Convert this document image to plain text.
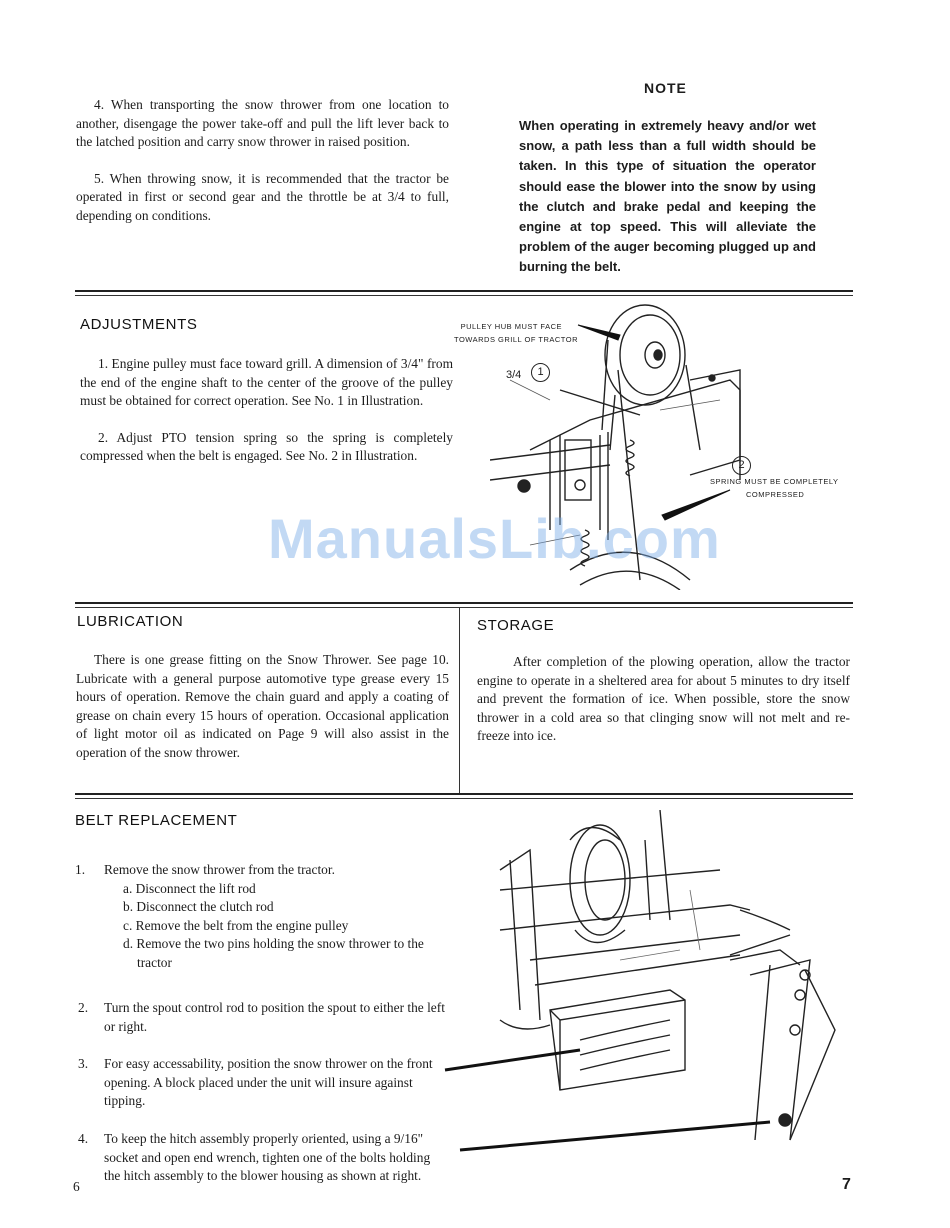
4. When transporting the snow thrower from one location to another, disengage the power take-off and pull the lift lever back to the latched position and carry snow thrower in raised position.

5. When throwing snow, it is recommended that the tractor be operated in first or second gear and the throttle be at 3/4 to full, depending on conditions.

NOTE
When operating in extremely heavy and/or wet snow, a path less than a full width should be taken. In this type of situation the operator should ease the blower into the snow by using the clutch and brake pedal and keeping the engine at top speed. This will alleviate the problem of the auger becoming plugged up and burning the belt.
ADJUSTMENTS

1. Engine pulley must face toward grill. A dimension of 3/4" from the end of the engine shaft to the center of the groove of the pulley must be obtained for correct operation. See No. 1 in Illustration.

2. Adjust PTO tension spring so the spring is completely compressed when the belt is engaged. See No. 2 in Illustration.

PULLEY HUB MUST FACE
TOWARDS GRILL OF TRACTOR
SPRING MUST BE COMPLETELY
COMPRESSED
3/4	1
2
ManualsLib.com
LUBRICATION
There is one grease fitting on the Snow Thrower. See page 10. Lubricate with a general purpose automotive type grease every 15 hours of operation. Remove the chain guard and apply a coating of grease on chain every 15 hours of operation. Occasional application of light motor oil as indicated on Page 9 will also assist in the operation of the snow thrower.
STORAGE
After completion of the plowing operation, allow the tractor engine to operate in a sheltered area for about 5 minutes to dry itself and prevent the formation of ice. When possible, store the snow thrower in a cold area so that clinging snow will not melt and re-freeze into ice.
BELT REPLACEMENT
1. Remove the snow thrower from the tractor.
a. Disconnect the lift rod
b. Disconnect the clutch rod
c. Remove the belt from the engine pulley
d. Remove the two pins holding the snow thrower to the tractor
2. Turn the spout control rod to position the spout to either the left or right.
3. For easy accessability, position the snow thrower on the front opening. A block placed under the unit will insure against tipping.
4. To keep the hitch assembly properly oriented, using a 9/16" socket and open end wrench, tighten one of the bolts holding the hitch assembly to the blower housing as shown at right.
6	7
